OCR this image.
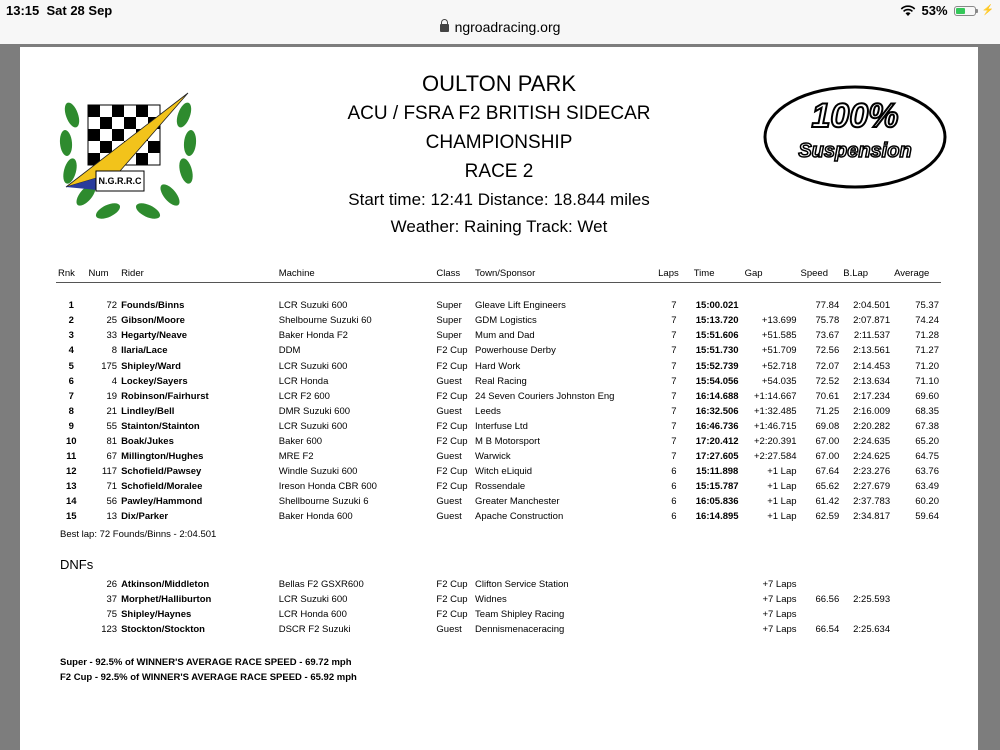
13:15 Sat 28 Sep
ngroadracing.org
53%	⚡
N.G.R.R.C
100%
Suspension
OULTON PARK
ACU / FSRA F2 BRITISH SIDECAR
CHAMPIONSHIP
RACE 2
Start time: 12:41 Distance: 18.844 miles
Weather: Raining Track: Wet
Rnk	Num	Rider	Machine	Class	Town/Sponsor	Laps	Time	Gap	Speed	B.Lap	Average

1	72	Founds/Binns	LCR Suzuki 600	Super	Gleave Lift Engineers	7	15:00.021		77.84	2:04.501	75.37
2	25	Gibson/Moore	Shelbourne Suzuki 60	Super	GDM Logistics	7	15:13.720	+13.699	75.78	2:07.871	74.24
3	33	Hegarty/Neave	Baker Honda F2	Super	Mum and Dad	7	15:51.606	+51.585	73.67	2:11.537	71.28
4	8	Ilaria/Lace	DDM	F2 Cup	Powerhouse Derby	7	15:51.730	+51.709	72.56	2:13.561	71.27
5	175	Shipley/Ward	LCR Suzuki 600	F2 Cup	Hard Work	7	15:52.739	+52.718	72.07	2:14.453	71.20
6	4	Lockey/Sayers	LCR Honda	Guest	Real Racing	7	15:54.056	+54.035	72.52	2:13.634	71.10
7	19	Robinson/Fairhurst	LCR F2 600	F2 Cup	24 Seven Couriers Johnston Eng	7	16:14.688	+1:14.667	70.61	2:17.234	69.60
8	21	Lindley/Bell	DMR Suzuki 600	Guest	Leeds	7	16:32.506	+1:32.485	71.25	2:16.009	68.35
9	55	Stainton/Stainton	LCR Suzuki 600	F2 Cup	Interfuse Ltd	7	16:46.736	+1:46.715	69.08	2:20.282	67.38
10	81	Boak/Jukes	Baker 600	F2 Cup	M B Motorsport	7	17:20.412	+2:20.391	67.00	2:24.635	65.20
11	67	Millington/Hughes	MRE F2	Guest	Warwick	7	17:27.605	+2:27.584	67.00	2:24.625	64.75
12	117	Schofield/Pawsey	Windle Suzuki 600	F2 Cup	Witch eLiquid	6	15:11.898	+1 Lap	67.64	2:23.276	63.76
13	71	Schofield/Moralee	Ireson Honda CBR 600	F2 Cup	Rossendale	6	15:15.787	+1 Lap	65.62	2:27.679	63.49
14	56	Pawley/Hammond	Shellbourne Suzuki 6	Guest	Greater Manchester	6	16:05.836	+1 Lap	61.42	2:37.783	60.20
15	13	Dix/Parker	Baker Honda 600	Guest	Apache Construction	6	16:14.895	+1 Lap	62.59	2:34.817	59.64
Best lap: 72 Founds/Binns - 2:04.501
DNFs
	26	Atkinson/Middleton	Bellas F2 GSXR600	F2 Cup	Clifton Service Station			+7 Laps			
	37	Morphet/Halliburton	LCR Suzuki 600	F2 Cup	Widnes			+7 Laps	66.56	2:25.593	
	75	Shipley/Haynes	LCR Honda 600	F2 Cup	Team Shipley Racing			+7 Laps			
	123	Stockton/Stockton	DSCR F2 Suzuki	Guest	Dennismenaceracing			+7 Laps	66.54	2:25.634	
Super - 92.5% of WINNER'S AVERAGE RACE SPEED - 69.72 mph
F2 Cup - 92.5% of WINNER'S AVERAGE RACE SPEED - 65.92 mph
